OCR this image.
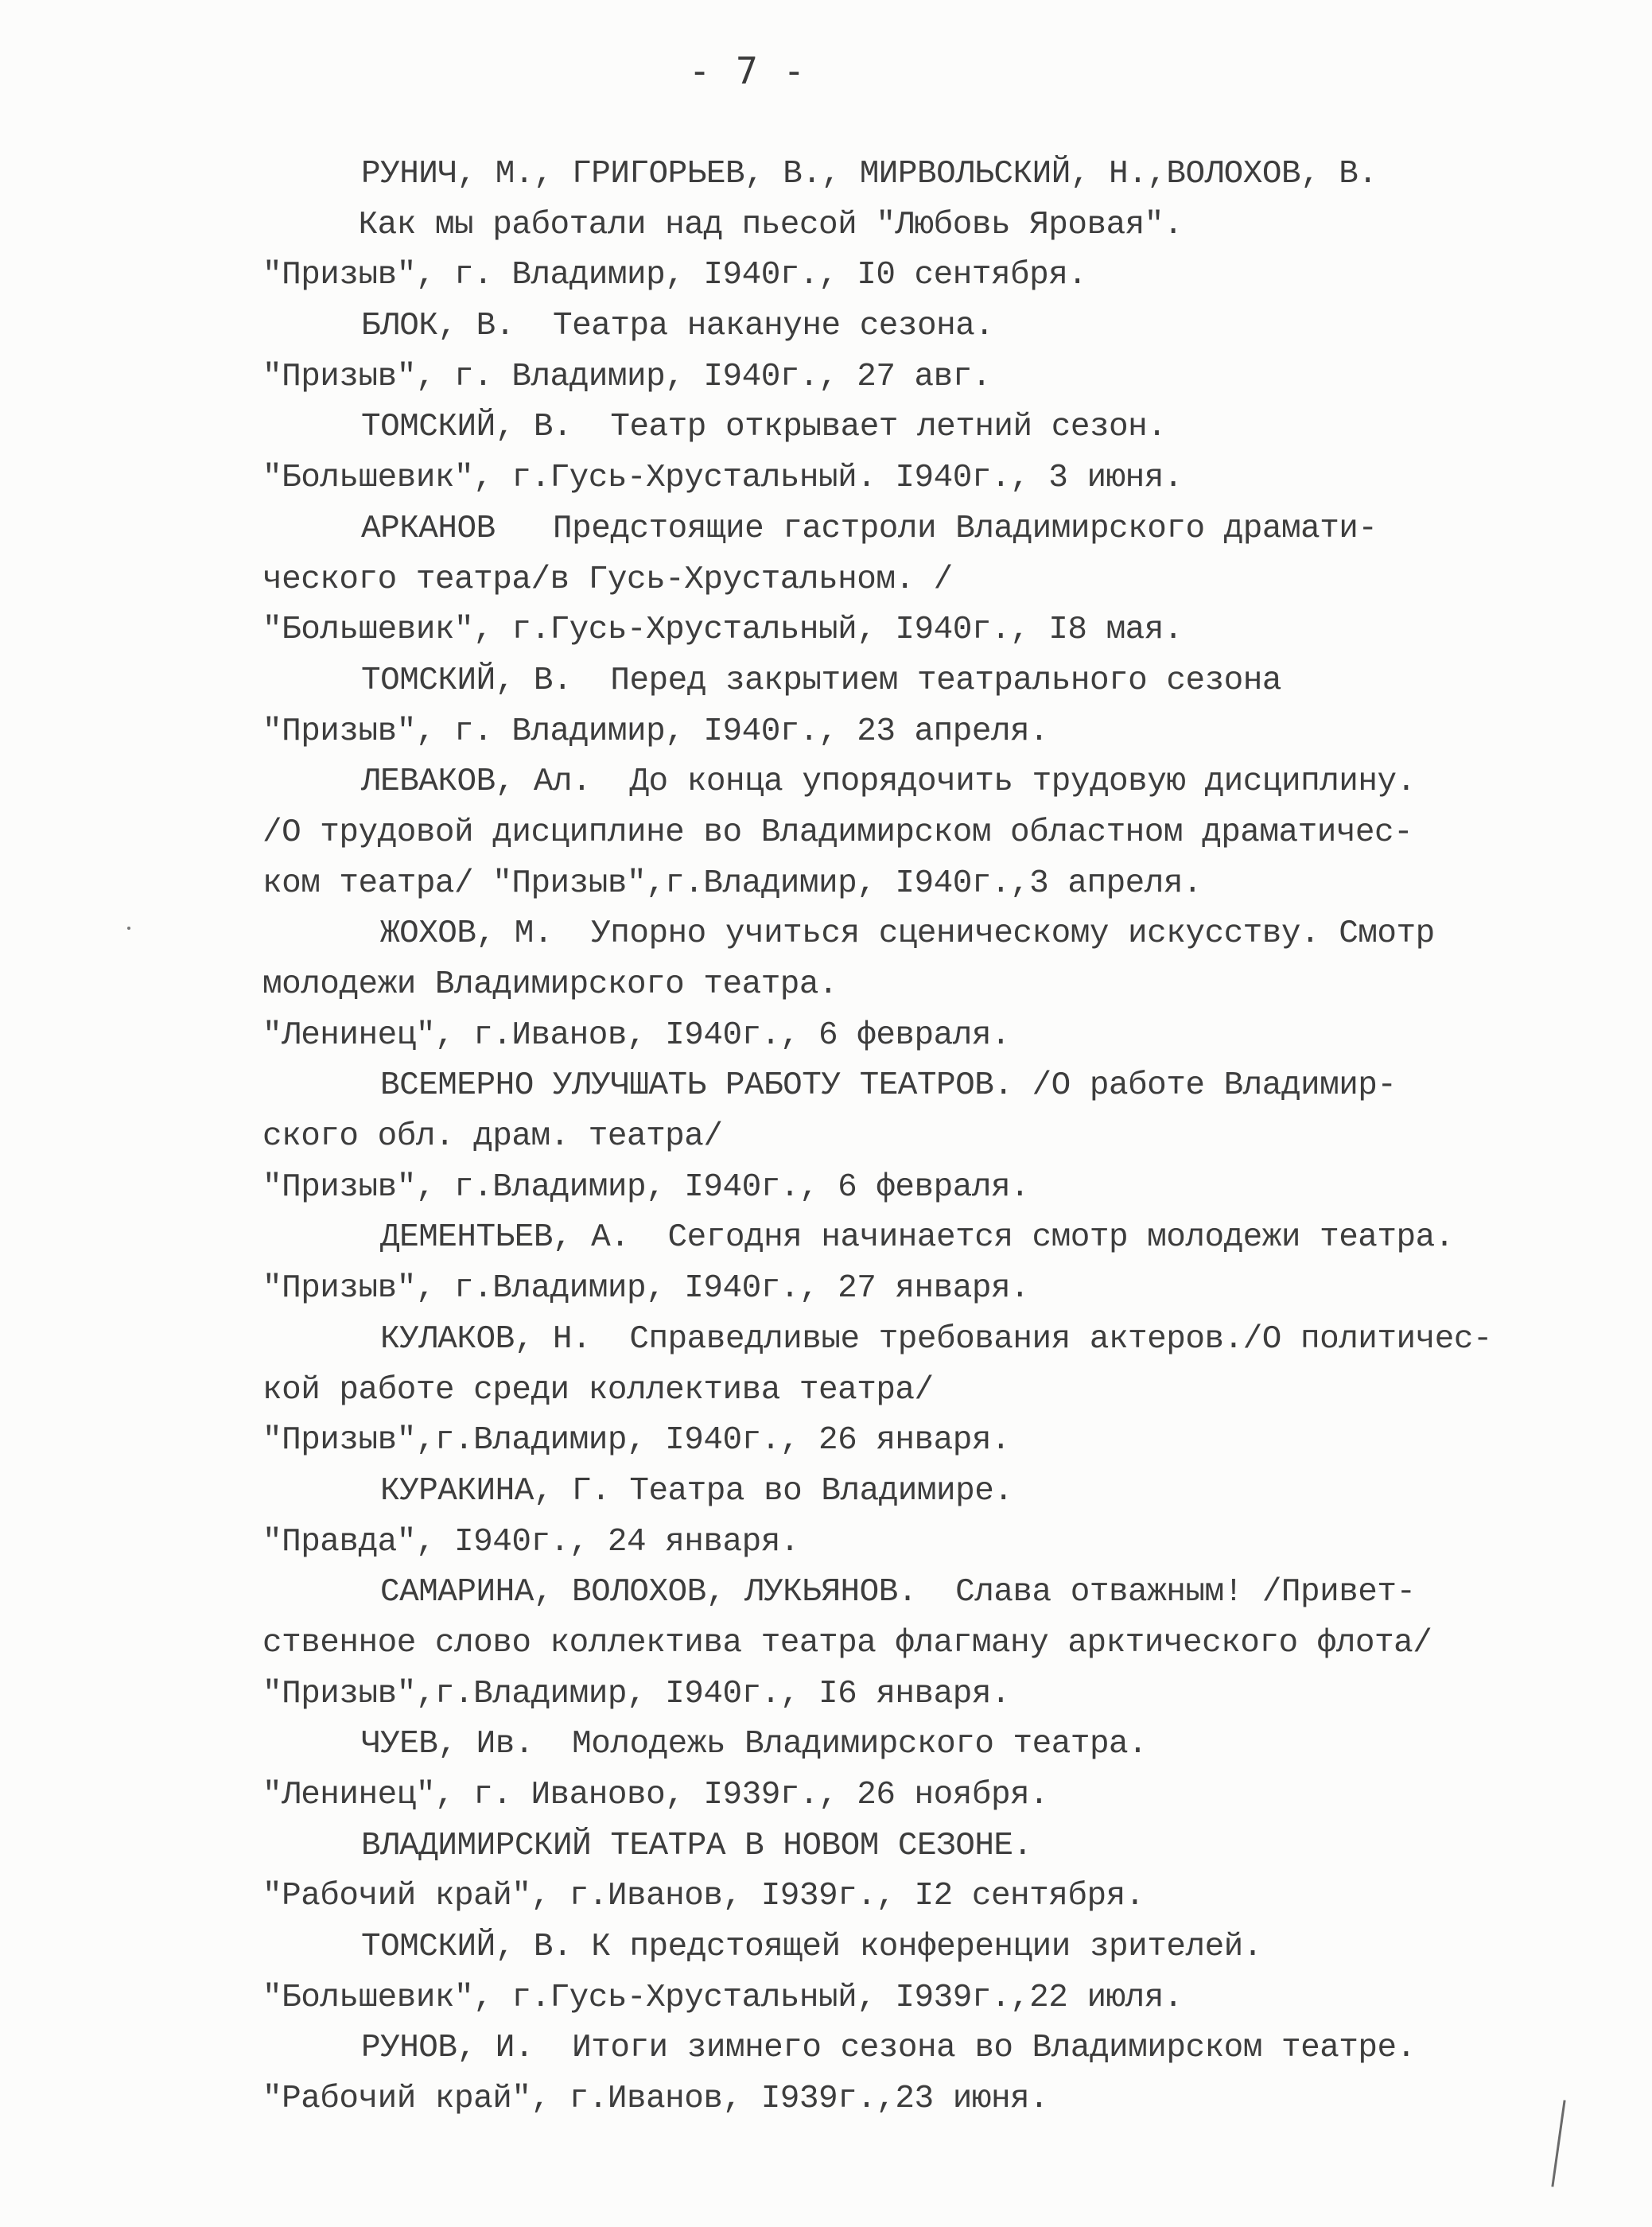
- 7 -
РУНИЧ, М., ГРИГОРЬЕВ, В., МИРВОЛЬСКИЙ, Н.,ВОЛОХОВ, В.
Как мы работали над пьесой "Любовь Яровая".
"Призыв", г. Владимир, I940г., I0 сентября.
БЛОК, В.  Театра накануне сезона.
"Призыв", г. Владимир, I940г., 27 авг.
ТОМСКИЙ, В.  Театр открывает летний сезон.
"Большевик", г.Гусь-Хрустальный. I940г., 3 июня.
АРКАНОВ   Предстоящие гастроли Владимирского драмати-
ческого театра/в Гусь-Хрустальном. /
"Большевик", г.Гусь-Хрустальный, I940г., I8 мая.
ТОМСКИЙ, В.  Перед закрытием театрального сезона
"Призыв", г. Владимир, I940г., 23 апреля.
ЛЕВАКОВ, Ал.  До конца упорядочить трудовую дисциплину.
/О трудовой дисциплине во Владимирском областном драматичес-
ком театра/ "Призыв",г.Владимир, I940г.,3 апреля.
ЖОХОВ, М.  Упорно учиться сценическому искусству. Смотр
молодежи Владимирского театра.
"Ленинец", г.Иванов, I940г., 6 февраля.
ВСЕМЕРНО УЛУЧШАТЬ РАБОТУ ТЕАТРОВ. /О работе Владимир-
ского обл. драм. театра/
"Призыв", г.Владимир, I940г., 6 февраля.
ДЕМЕНТЬЕВ, А.  Сегодня начинается смотр молодежи театра.
"Призыв", г.Владимир, I940г., 27 января.
КУЛАКОВ, Н.  Справедливые требования актеров./О политичес-
кой работе среди коллектива театра/
"Призыв",г.Владимир, I940г., 26 января.
КУРАКИНА, Г. Театра во Владимире.
"Правда", I940г., 24 января.
САМАРИНА, ВОЛОХОВ, ЛУКЬЯНОВ.  Слава отважным! /Привет-
ственное слово коллектива театра флагману арктического флота/
"Призыв",г.Владимир, I940г., I6 января.
ЧУЕВ, Ив.  Молодежь Владимирского театра.
"Ленинец", г. Иваново, I939г., 26 ноября.
ВЛАДИМИРСКИЙ ТЕАТРА В НОВОМ СЕЗОНЕ.
"Рабочий край", г.Иванов, I939г., I2 сентября.
ТОМСКИЙ, В. К предстоящей конференции зрителей.
"Большевик", г.Гусь-Хрустальный, I939г.,22 июля.
РУНОВ, И.  Итоги зимнего сезона во Владимирском театре.
"Рабочий край", г.Иванов, I939г.,23 июня.
